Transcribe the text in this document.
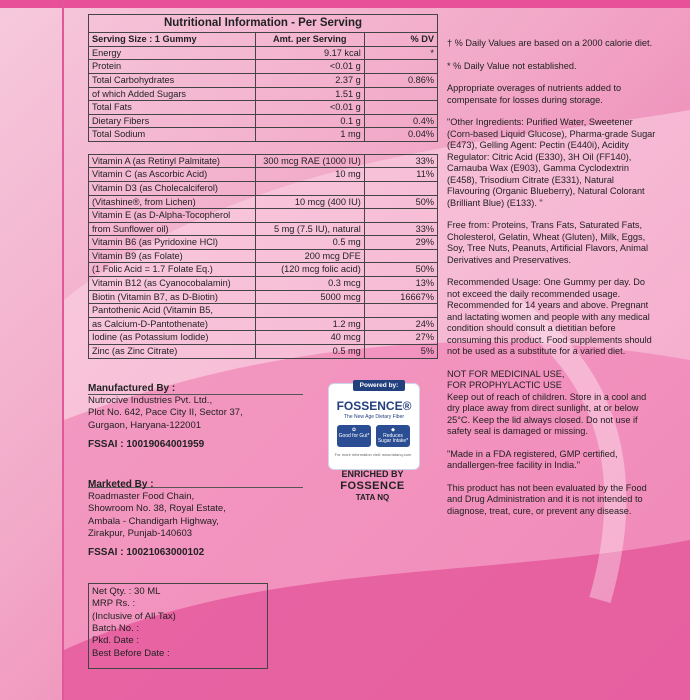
Nutritional Information - Per Serving		
Serving Size : 1 Gummy	Amt. per Serving	% DV
Energy	9.17 kcal	*
Protein	<0.01 g	
Total Carbohydrates	2.37 g	0.86%
of which Added Sugars	1.51 g	
Total Fats	<0.01 g	
Dietary Fibers	0.1 g	0.4%
Total Sodium	1 mg	0.04%

Vitamin A (as Retinyl Palmitate)	300 mcg RAE (1000 IU)	33%
Vitamin C (as Ascorbic Acid)	10 mg	11%
Vitamin D3 (as Cholecalciferol)		
(Vitashine®, from Lichen)	10 mcg (400 IU)	50%
Vitamin E (as D-Alpha-Tocopherol		
from Sunflower oil)	5 mg (7.5 IU), natural	33%
Vitamin B6 (as Pyridoxine HCl)	0.5 mg	29%
Vitamin B9 (as Folate)	200 mcg DFE	
(1 Folic Acid = 1.7 Folate Eq.)	(120 mcg folic acid)	50%
Vitamin B12 (as Cyanocobalamin)	0.3 mcg	13%
Biotin (Vitamin B7, as D-Biotin)	5000 mcg	16667%
Pantothenic Acid (Vitamin B5,		
as Calcium-D-Pantothenate)	1.2 mg	24%
Iodine (as Potassium Iodide)	40 mcg	27%
Zinc (as Zinc Citrate)	0.5 mg	5%

† % Daily Values are based on a 2000 calorie diet.

* % Daily Value not established.

Appropriate overages of nutrients added to compensate for losses during storage.

"Other Ingredients: Purified Water, Sweetener (Corn-based Liquid Glucose), Pharma-grade Sugar (E473), Gelling Agent: Pectin (E440i), Acidity Regulator: Citric Acid (E330), 3H Oil (FF140), Carnauba Wax (E903), Gamma Cyclodextrin (E458), Trisodium Citrate (E331), Natural Flavouring (Organic Blueberry), Natural Colorant (Brilliant Blue) (E133). "

Free from: Proteins, Trans Fats, Saturated Fats, Cholesterol, Gelatin, Wheat (Gluten), Milk, Eggs, Soy, Tree Nuts, Peanuts, Artificial Flavors, Animal Derivatives and Preservatives.

Recommended Usage: One Gummy per day. Do not exceed the daily recommended usage. Recommended for 14 years and above. Pregnant and lactating women and people with any medical condition should consult a dietitian before consuming this product. Food supplements should not be used as a substitute for a varied diet.

NOT FOR MEDICINAL USE,

FOR PROPHYLACTIC USE

Keep out of reach of children. Store in a cool and dry place away from direct sunlight, at or below 25°C. Keep the lid always closed. Do not use if safety seal is damaged or missing.

"Made in a FDA registered, GMP certified, andallergen-free facility in India."

This product has not been evaluated by the Food and Drug Administration and it is not intended to diagnose, treat, cure, or prevent any disease.

Manufactured By :
Nutrocive Industries Pvt. Ltd.,
Plot No. 642, Pace City II, Sector 37,
Gurgaon, Haryana-122001
FSSAI : 10019064001959
Marketed By :
Roadmaster Food Chain,
Showroom No. 38, Royal Estate,
Ambala - Chandigarh Highway,
Zirakpur, Punjab-140603
FSSAI : 10021063000102
Net Qty. : 30 ML
MRP Rs. :
(Inclusive of All Tax)
Batch No. :
Pkd. Date :
Best Before Date :
Powered by:
FOSSENCE®
The New Age Dietary Fiber
✿
Good for Gut*
◆
Reduces Sugar Intake*
For more information visit: www.tatanq.com
ENRICHED BY
FOSSENCE
TATA NQ
